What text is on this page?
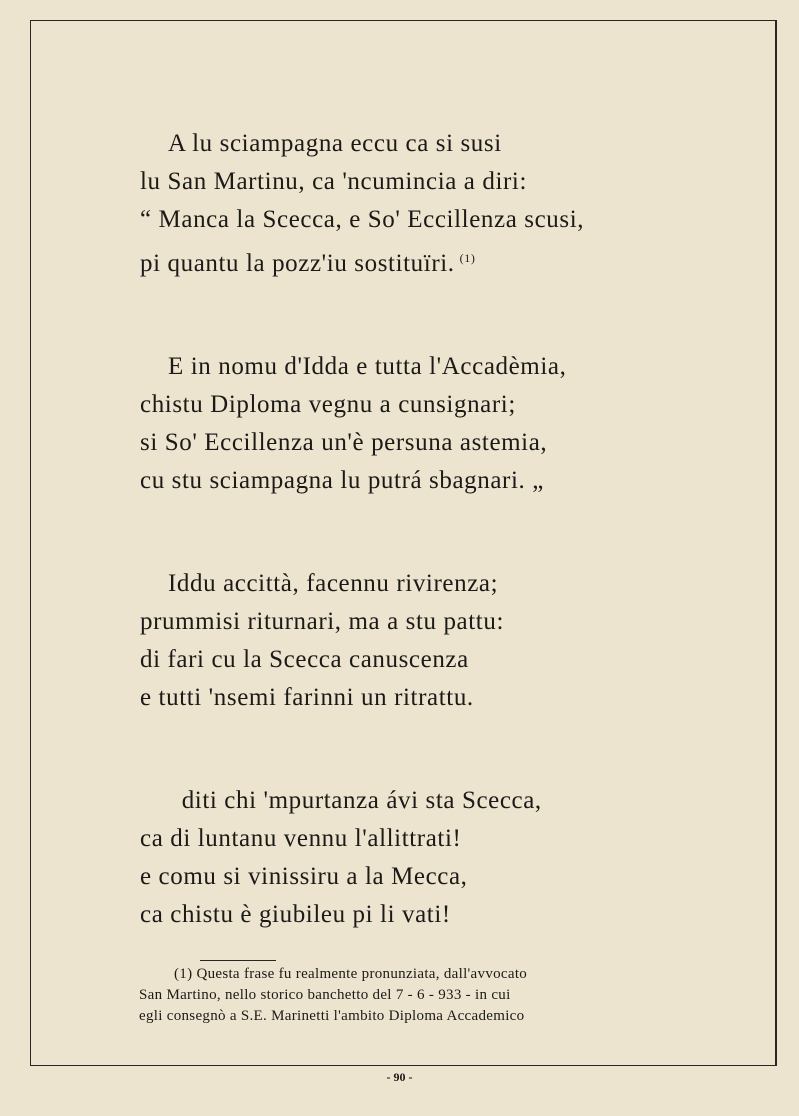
A lu sciampagna eccu ca si susi
lu San Martinu, ca 'ncumincia a diri:
“ Manca la Scecca, e So' Eccillenza scusi,
pi quantu la pozz'iu sostituïri. $^{(1)}$
E in nomu d'Idda e tutta l'Accadèmia,
chistu Diploma vegnu a cunsignari;
si So' Eccillenza un'è persuna astemia,
cu stu sciampagna lu putrá sbagnari. „
Iddu accittà, facennu rivirenza;
prummisi riturnari, ma a stu pattu:
di fari cu la Scecca canuscenza
e tutti 'nsemi farinni un ritrattu.
diti chi 'mpurtanza ávi sta Scecca,
ca di luntanu vennu l'allittrati!
e comu si vinissiru a la Mecca,
ca chistu è giubileu pi li vati!
(1) Questa frase fu realmente pronunziata, dall'avvocato
San Martino, nello storico banchetto del 7 - 6 - 933 - in cui
egli consegnò a S.E. Marinetti l'ambito Diploma Accademico
- 90 -
